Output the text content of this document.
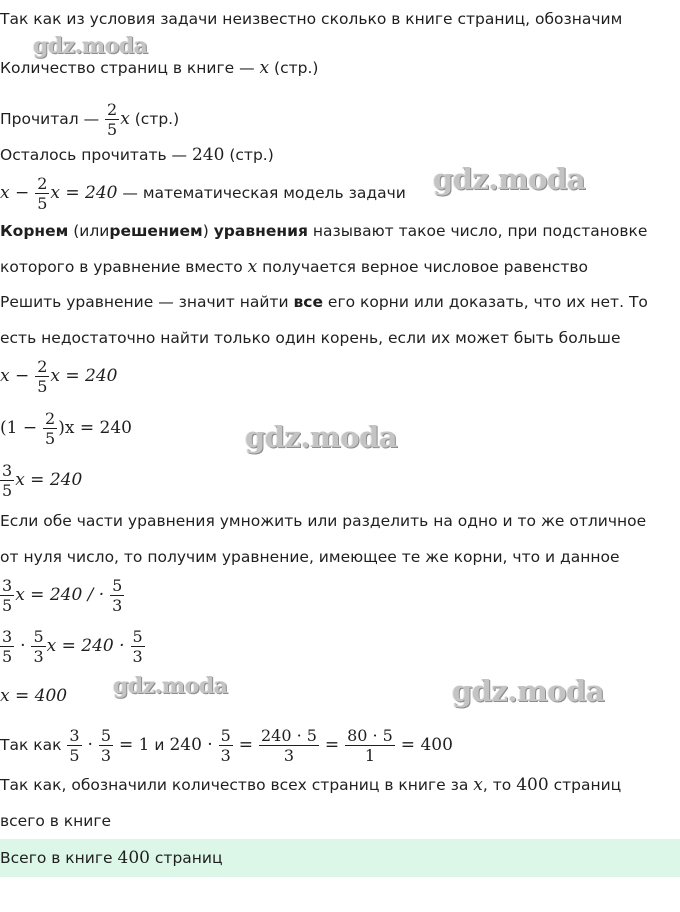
Так как из условия задачи неизвестно сколько в книге страниц, обозначим
Количество страниц в книге — x (стр.)
Прочитал — $\frac{2}{5}$ x (стр.)
Осталось прочитать — 240 (стр.)
$x - \frac{2}{5}$ x = 240 — математическая модель задачи
Корнем (илирешением) уравнения называют такое число, при подстановке
которого в уравнение вместо x получается верное числовое равенство
Решить уравнение — значит найти все его корни или доказать, что их нет. То
есть недостаточно найти только один корень, если их может быть больше
$x - \frac{2}{5}$ x = 240
$(1 - \frac{2}{5} )x = 240$
$\frac{3}{5}$ x = 240
Если обе части уравнения умножить или разделить на одно и то же отличное
от нуля число, то получим уравнение, имеющее те же корни, что и данное
$\frac{3}{5}$ x = 240 / · $\frac{5}{3}$
$\frac{3}{5} \cdot \frac{5}{3}$ $x = 240 \cdot \frac{5}{3}$
x = 400
Так как $\frac{3}{5} \cdot \frac{5}{3} = 1$ и $240 \cdot \frac{5}{3} = \frac{240 \cdot 5}{3} = \frac{80 \cdot 5}{1} = 400$
Так как, обозначили количество всех страниц в книге за x, то 400 страниц
всего в книге
Всего в книге 400 страниц
gdz.moda
gdz.moda
gdz.moda
gdz.moda	gdz.moda
